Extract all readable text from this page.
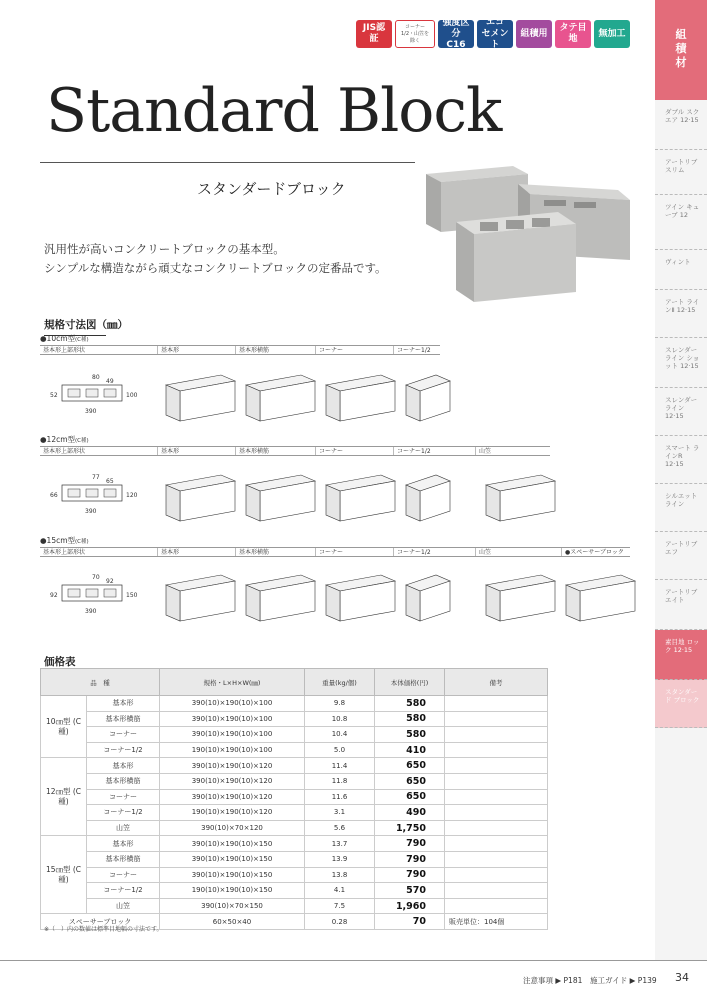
JIS認証
コーナー1/2・山笠を除く
強度区分 C16
エコ セメント
組積用
タテ目地
無加工	組
積
材
ダブル スクエア 12·15
アートリブ スリム
ツイン キューブ 12
ヴィント
アート ラインⅡ 12·15
スレンダー ライン ショット 12·15
スレンダー ライン 12·15
スマート ラインR 12·15
シルエット ライン
アートリブ エフ
アートリブ エイト
素目地 ロック 12·15
スタンダード ブロック
Standard Block
スタンダードブロック
汎用性が高いコンクリートブロックの基本型。
シンプルな構造ながら頑丈なコンクリートブロックの定番品です。
規格寸法図（㎜）
●10cm型(C種)
基本形上部形状	基本形	基本形横筋	コーナー	コーナー1/2
●12cm型(C種)
基本形上部形状	基本形	基本形横筋	コーナー	コーナー1/2	山笠
●15cm型(C種)
基本形上部形状	基本形	基本形横筋	コーナー	コーナー1/2	山笠	●スペーサーブロック
80
49
52	100
390
77
65
66	120
390
70
92
92	150
390
価格表
品　種		規格・L×H×W(㎜)	重量(kg/個)	本体価格(円)	備考
10㎝型 (C種)	基本形	390(10)×190(10)×100	9.8	580	
	基本形横筋	390(10)×190(10)×100	10.8	580	
	コーナー	390(10)×190(10)×100	10.4	580	
	コーナー1/2	190(10)×190(10)×100	5.0	410	
12㎝型 (C種)	基本形	390(10)×190(10)×120	11.4	650	
	基本形横筋	390(10)×190(10)×120	11.8	650	
	コーナー	390(10)×190(10)×120	11.6	650	
	コーナー1/2	190(10)×190(10)×120	3.1	490	
	山笠	390(10)×70×120	5.6	1,750	
15㎝型 (C種)	基本形	390(10)×190(10)×150	13.7	790	
	基本形横筋	390(10)×190(10)×150	13.9	790	
	コーナー	390(10)×190(10)×150	13.8	790	
	コーナー1/2	190(10)×190(10)×150	4.1	570	
	山笠	390(10)×70×150	7.5	1,960	
スペーサーブロック		60×50×40	0.28	70	販売単位：104個
※（　）内の数値は標準目地幅の寸法です。
注意事項 ▶ P181 施工ガイド ▶ P139 34
